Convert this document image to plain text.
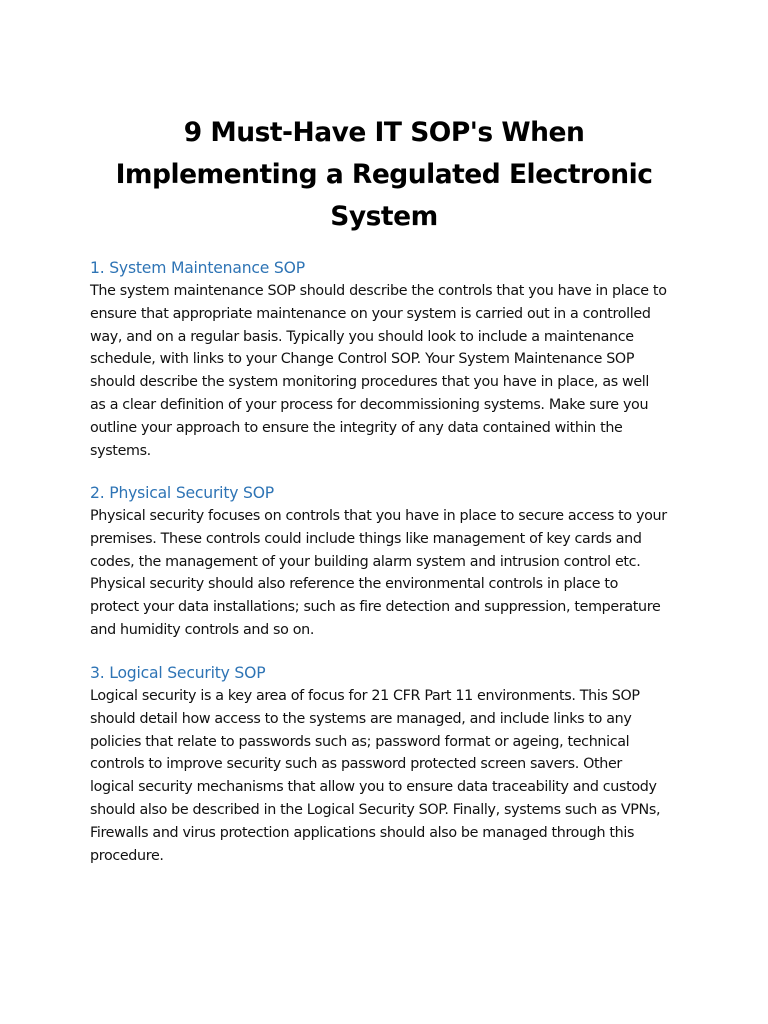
9 Must-Have IT SOP's When Implementing a Regulated Electronic System
1. System Maintenance SOP

The system maintenance SOP should describe the controls that you have in place to
ensure that appropriate maintenance on your system is carried out in a controlled
way, and on a regular basis. Typically you should look to include a maintenance
schedule, with links to your Change Control SOP. Your System Maintenance SOP
should describe the system monitoring procedures that you have in place, as well
as a clear definition of your process for decommissioning systems. Make sure you
outline your approach to ensure the integrity of any data contained within the
systems.

2. Physical Security SOP

Physical security focuses on controls that you have in place to secure access to your
premises. These controls could include things like management of key cards and
codes, the management of your building alarm system and intrusion control etc.
Physical security should also reference the environmental controls in place to
protect your data installations; such as fire detection and suppression, temperature
and humidity controls and so on.

3. Logical Security SOP

Logical security is a key area of focus for 21 CFR Part 11 environments. This SOP
should detail how access to the systems are managed, and include links to any
policies that relate to passwords such as; password format or ageing, technical
controls to improve security such as password protected screen savers. Other
logical security mechanisms that allow you to ensure data traceability and custody
should also be described in the Logical Security SOP. Finally, systems such as VPNs,
Firewalls and virus protection applications should also be managed through this
procedure.
